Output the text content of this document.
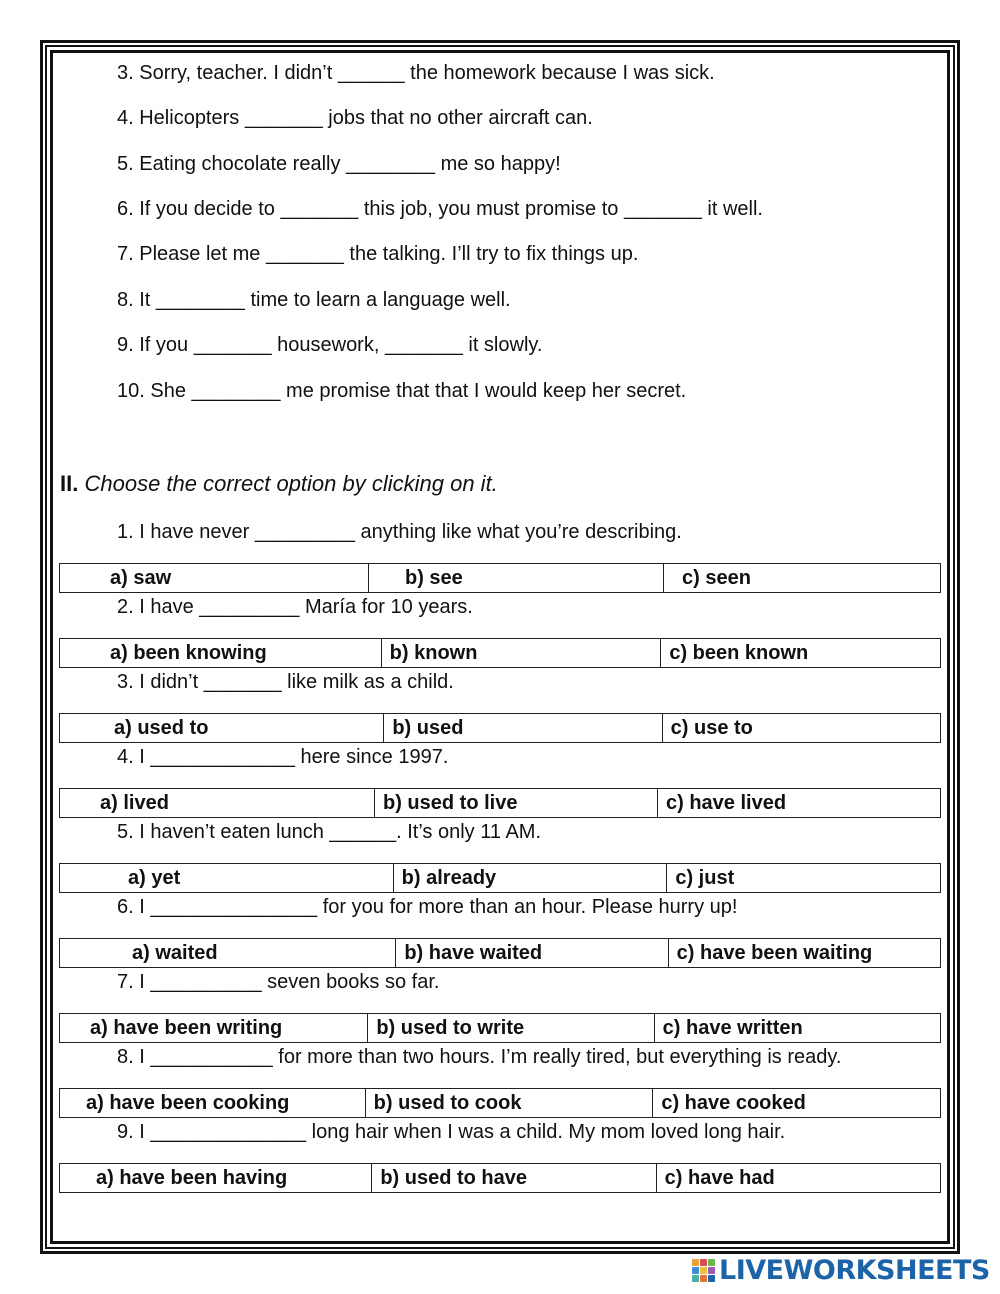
3. Sorry, teacher. I didn’t ______ the homework because I was sick.
4. Helicopters _______ jobs that no other aircraft can.
5. Eating chocolate really ________ me so happy!
6. If you decide to _______ this job, you must promise to _______ it well.
7. Please let me _______ the talking. I’ll try to fix things up.
8. It ________ time to learn a language well.
9. If you _______ housework, _______ it slowly.
10. She ________ me promise that that I would keep her secret.
II. Choose the correct option by clicking on it.
1. I have never _________ anything like what you’re describing.
a) saw	b) see	c) seen
2. I have _________ María for 10 years.
a) been knowing	b) known	c) been known
3. I didn’t _______ like milk as a child.
a) used to	b) used	c) use to
4. I _____________ here since 1997.
a) lived	b) used to live	c) have lived
5. I haven’t eaten lunch ______. It’s only 11 AM.
a) yet	b) already	c) just
6. I _______________ for you for more than an hour. Please hurry up!
a) waited	b) have waited	c) have been waiting
7. I __________ seven books so far.
a) have been writing	b) used to write	c) have written
8. I ___________ for more than two hours. I’m really tired, but everything is ready.
a) have been cooking	b) used to cook	c) have cooked
9. I ______________ long hair when I was a child. My mom loved long hair.
a) have been having	b) used to have	c) have had
LIVEWORKSHEETS
